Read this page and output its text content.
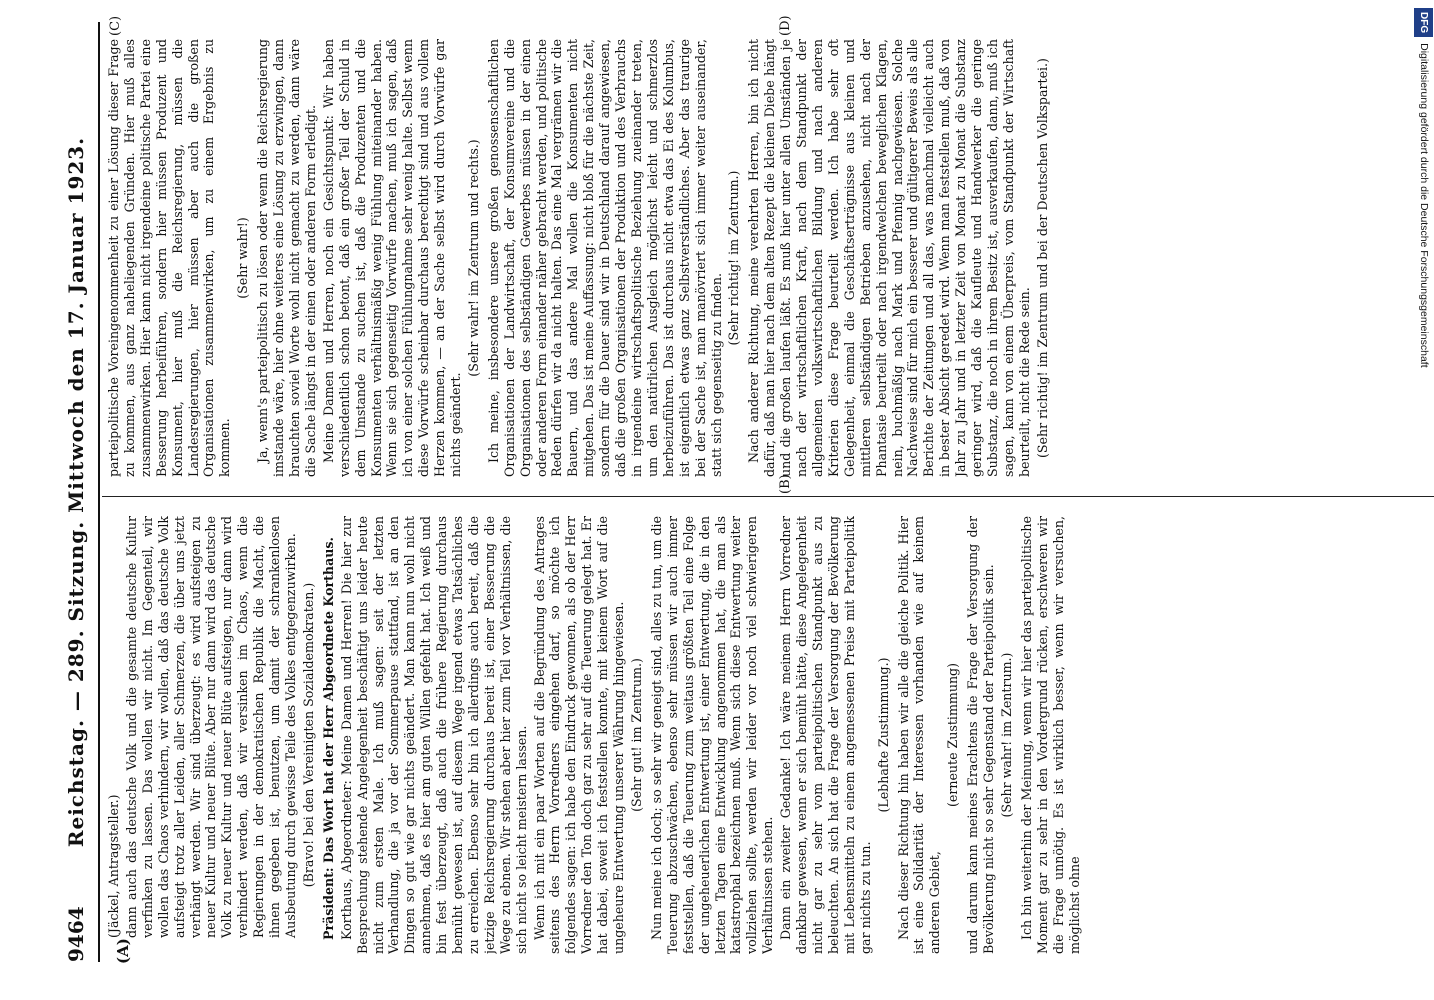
9464
Reichstag. — 289. Sitzung. Mittwoch den 17. Januar 1923.
(A)
(B)
(C)	(D)

(Jäckel, Antragsteller.) dann auch das deutsche Volk und die gesamte deutsche Kultur verfinken zu lassen. Das wollen wir nicht. Im Gegenteil, wir wollen das Chaos verhindern, wir wollen, daß das deutsche Volk aufsteigt trotz aller Leiden, aller Schmerzen, die über uns jetzt verhängt werden. Wir sind überzeugt: es wird aufsteigen zu neuer Kultur und neuer Blüte. Aber nur dann wird das deutsche Volk zu neuer Kultur und neuer Blüte aufsteigen, nur dann wird verhindert werden, daß wir versinken im Chaos, wenn die Regierungen in der demokratischen Republik die Macht, die ihnen gegeben ist, benutzen, um damit der schrankenlosen Ausbeutung durch gewisse Teile des Volkes entgegenzuwirken. (Bravo! bei den Vereinigten Sozialdemokraten.) Präsident: Das Wort hat der Herr Abgeordnete Korthaus. Korthaus, Abgeordneter: Meine Damen und Herren! Die hier zur Besprechung stehende Angelegenheit beschäftigt uns leider heute nicht zum ersten Male. Ich muß sagen: seit der letzten Verhandlung, die ja vor der Sommerpause stattfand, ist an den Dingen so gut wie gar nichts geändert. Man kann nun wohl nicht annehmen, daß es hier am guten Willen gefehlt hat. Ich weiß und bin fest überzeugt, daß auch die frühere Regierung durchaus bemüht gewesen ist, auf diesem Wege irgend etwas Tatsächliches zu erreichen. Ebenso sehr bin ich allerdings auch bereit, daß die jetzige Reichsregierung durchaus bereit ist, einer Besserung die Wege zu ebnen. Wir stehen aber hier zum Teil vor Verhältnissen, die sich nicht so leicht meistern lassen. Wenn ich mit ein paar Worten auf die Begründung des Antrages seitens des Herrn Vorredners eingehen darf, so möchte ich folgendes sagen: ich habe den Eindruck gewonnen, als ob der Herr Vorredner den Ton doch gar zu sehr auf die Teuerung gelegt hat. Er hat dabei, soweit ich feststellen konnte, mit keinem Wort auf die ungeheure Entwertung unserer Währung hingewiesen. (Sehr gut! im Zentrum.) Nun meine ich doch; so sehr wir geneigt sind, alles zu tun, um die Teuerung abzuschwächen, ebenso sehr müssen wir auch immer feststellen, daß die Teuerung zum weitaus größten Teil eine Folge der ungeheuerlichen Entwertung ist, einer Entwertung, die in den letzten Tagen eine Entwicklung angenommen hat, die man als katastrophal bezeichnen muß. Wenn sich diese Entwertung weiter vollziehen sollte, werden wir leider vor noch viel schwierigeren Verhältnissen stehen. Dann ein zweiter Gedanke! Ich wäre meinem Herrn Vorredner dankbar gewesen, wenn er sich bemüht hätte, diese Angelegenheit nicht gar zu sehr vom parteipolitischen Standpunkt aus zu beleuchten. An sich hat die Frage der Versorgung der Bevölkerung mit Lebensmitteln zu einem angemessenen Preise mit Parteipolitik gar nichts zu tun.

(Lebhafte Zustimmung.) Nach dieser Richtung hin haben wir alle die gleiche Politik. Hier ist eine Solidarität der Interessen vorhanden wie auf keinem anderen Gebiet,

(erneute Zustimmung) und darum kann meines Erachtens die Frage der Versorgung der Bevölkerung nicht so sehr Gegenstand der Parteipolitik sein. (Sehr wahr! im Zentrum.) Ich bin weiterhin der Meinung, wenn wir hier das parteipolitische Moment gar zu sehr in den Vordergrund rücken, erschweren wir die Frage unnötig. Es ist wirklich besser, wenn wir versuchen, möglichst ohne

parteipolitische Voreingenommenheit zu einer Lösung dieser Frage zu kommen, aus ganz naheliegenden Gründen. Hier muß alles zusammenwirken. Hier kann nicht irgendeine politische Partei eine Besserung herbeiführen, sondern hier müssen Produzent und Konsument, hier muß die Reichsregierung, müssen die Landesregierungen, hier müssen aber auch die großen Organisationen zusammenwirken, um zu einem Ergebnis zu kommen.

(Sehr wahr!) Ja, wenn's parteipolitisch zu lösen oder wenn die Reichsregierung imstande wäre, hier ohne weiteres eine Lösung zu erzwingen, dann brauchten soviel Worte wohl nicht gemacht zu werden, dann wäre die Sache längst in der einen oder anderen Form erledigt. Meine Damen und Herren, noch ein Gesichtspunkt: Wir haben verschiedentlich schon betont, daß ein großer Teil der Schuld in dem Umstande zu suchen ist, daß die Produzenten und die Konsumenten verhältnismäßig wenig Fühlung miteinander haben. Wenn sie sich gegenseitig Vorwürfe machen, muß ich sagen, daß ich von einer solchen Fühlungnahme sehr wenig halte. Selbst wenn diese Vorwürfe scheinbar durchaus berechtigt sind und aus vollem Herzen kommen, — an der Sache selbst wird durch Vorwürfe gar nichts geändert.

(Sehr wahr! im Zentrum und rechts.) Ich meine, insbesondere unsere großen genossenschaftlichen Organisationen der Landwirtschaft, der Konsumvereine und die Organisationen des selbständigen Gewerbes müssen in der einen oder anderen Form einander näher gebracht werden, und politische Reden dürfen wir da nicht halten. Das eine Mal vergrämen wir die Bauern, und das andere Mal wollen die Konsumenten nicht mitgehen. Das ist meine Auffassung: nicht bloß für die nächste Zeit, sondern für die Dauer sind wir in Deutschland darauf angewiesen, daß die großen Organisationen der Produktion und des Verbrauchs in irgendeine wirtschaftspolitische Beziehung zueinander treten, um den natürlichen Ausgleich möglichst leicht und schmerzlos herbeizuführen. Das ist durchaus nicht etwa das Ei des Kolumbus, ist eigentlich etwas ganz Selbstverständliches. Aber das traurige bei der Sache ist, man manövriert sich immer weiter auseinander, statt sich gegenseitig zu finden.

(Sehr richtig! im Zentrum.) Nach anderer Richtung, meine verehrten Herren, bin ich nicht dafür, daß man hier nach dem alten Rezept die kleinen Diebe hängt und die großen laufen läßt. Es muß hier unter allen Umständen je nach der wirtschaftlichen Kraft, nach dem Standpunkt der allgemeinen volkswirtschaftlichen Bildung und nach anderen Kriterien diese Frage beurteilt werden. Ich habe sehr oft Gelegenheit, einmal die Geschäftserträgnisse aus kleinen und mittleren selbständigen Betrieben anzusehen, nicht nach der Phantasie beurteilt oder nach irgendwelchen beweglichen Klagen, nein, buchmäßig nach Mark und Pfennig nachgewiesen. Solche Nachweise sind für mich ein besserer und gültigerer Beweis als alle Berichte der Zeitungen und all das, was manchmal vielleicht auch in bester Absicht geredet wird. Wenn man feststellen muß, daß von Jahr zu Jahr und in letzter Zeit von Monat zu Monat die Substanz geringer wird, daß die Kaufleute und Handwerker die geringe Substanz, die noch in ihrem Besitz ist, ausverkaufen, dann, muß ich sagen, kann von einem Überpreis, vom Standpunkt der Wirtschaft beurteilt, nicht die Rede sein. (Sehr richtig! im Zentrum und bei der Deutschen Volkspartei.)

DFGDigitalisierung gefördert durch die Deutsche Forschungsgemeinschaft
